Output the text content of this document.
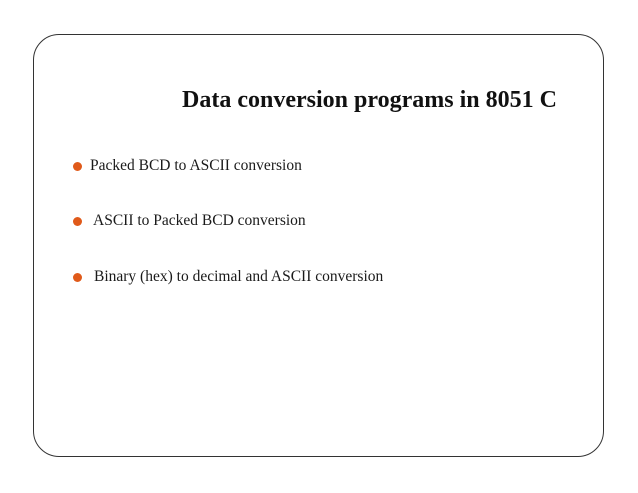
Data conversion programs in 8051 C
Packed BCD to ASCII conversion
ASCII to Packed BCD conversion
Binary (hex) to decimal and ASCII conversion
